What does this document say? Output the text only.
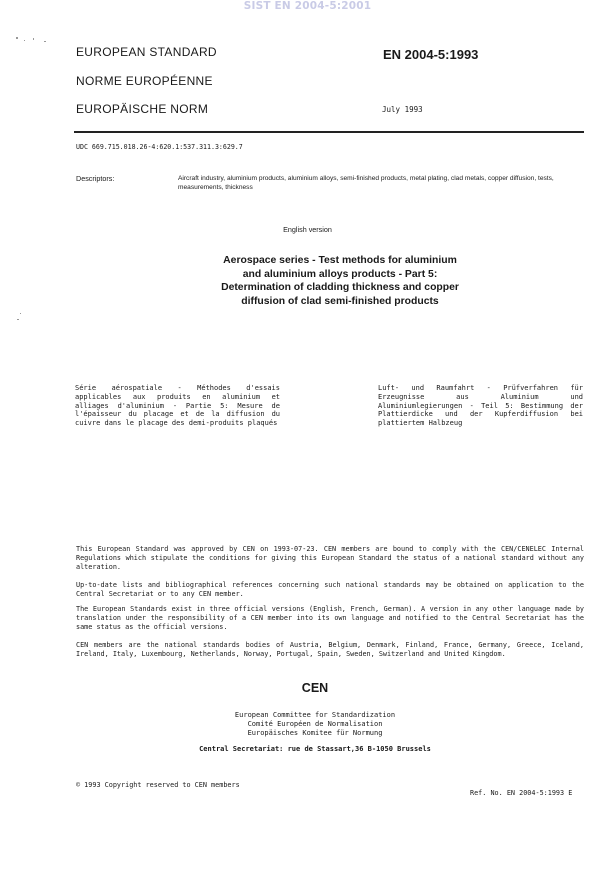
SIST EN 2004-5:2001
EUROPEAN STANDARD
NORME EUROPÉENNE
EUROPÄISCHE NORM
EN 2004-5:1993
July 1993
UDC 669.715.018.26-4:620.1:537.311.3:629.7
Descriptors:	Aircraft industry, aluminium products, aluminium alloys, semi-finished products, metal plating, clad metals, copper diffusion, tests, measurements, thickness
English version
Aerospace series - Test methods for aluminium
and aluminium alloys products - Part 5:
Determination of cladding thickness and copper
diffusion of clad semi-finished products
Série aérospatiale - Méthodes d'essais applicables aux produits en aluminium et alliages d'aluminium - Partie 5: Mesure de l'épaisseur du placage et de la diffusion du cuivre dans le placage des demi-produits plaqués
Luft- und Raumfahrt - Prüfverfahren für Erzeugnisse aus Aluminium und Aluminiumlegierungen - Teil 5: Bestimmung der Plattierdicke und der Kupferdiffusion bei plattiertem Halbzeug
This European Standard was approved by CEN on 1993-07-23. CEN members are bound to comply with the CEN/CENELEC Internal Regulations which stipulate the conditions for giving this European Standard the status of a national standard without any alteration.
Up-to-date lists and bibliographical references concerning such national standards may be obtained on application to the Central Secretariat or to any CEN member.
The European Standards exist in three official versions (English, French, German). A version in any other language made by translation under the responsibility of a CEN member into its own language and notified to the Central Secretariat has the same status as the official versions.
CEN members are the national standards bodies of Austria, Belgium, Denmark, Finland, France, Germany, Greece, Iceland, Ireland, Italy, Luxembourg, Netherlands, Norway, Portugal, Spain, Sweden, Switzerland and United Kingdom.
CEN
European Committee for Standardization
Comité Européen de Normalisation
Europäisches Komitee für Normung
Central Secretariat: rue de Stassart,36 B-1050 Brussels
© 1993 Copyright reserved to CEN members
Ref. No. EN 2004-5:1993 E
